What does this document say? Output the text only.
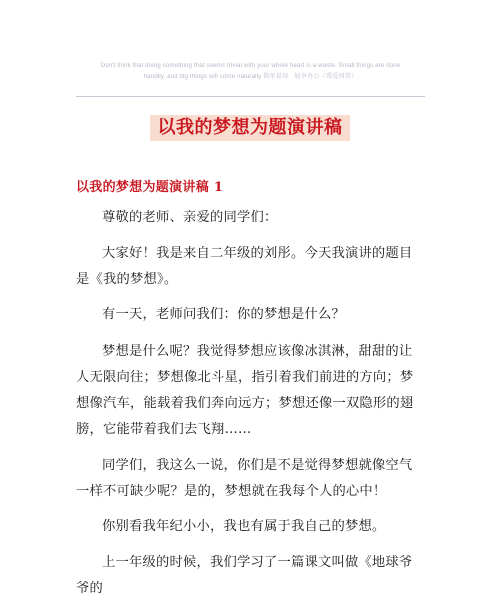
Don't think that doing something that seems trivial with your whole heart is a waste. Small things are done
handily, and big things will come naturally 简单易用　轻享办公（我爱问答）
以我的梦想为题演讲稿
以我的梦想为题演讲稿 1
尊敬的老师、亲爱的同学们：
大家好！我是来自二年级的刘彤。今天我演讲的题目是《我的梦想》。
有一天，老师问我们：你的梦想是什么？
梦想是什么呢？我觉得梦想应该像冰淇淋，甜甜的让人无限向往；梦想像北斗星，指引着我们前进的方向；梦想像汽车，能载着我们奔向远方；梦想还像一双隐形的翅膀，它能带着我们去飞翔……
同学们，我这么一说，你们是不是觉得梦想就像空气一样不可缺少呢？是的，梦想就在我每个人的心中！
你别看我年纪小小，我也有属于我自己的梦想。
上一年级的时候，我们学习了一篇课文叫做《地球爷爷的
